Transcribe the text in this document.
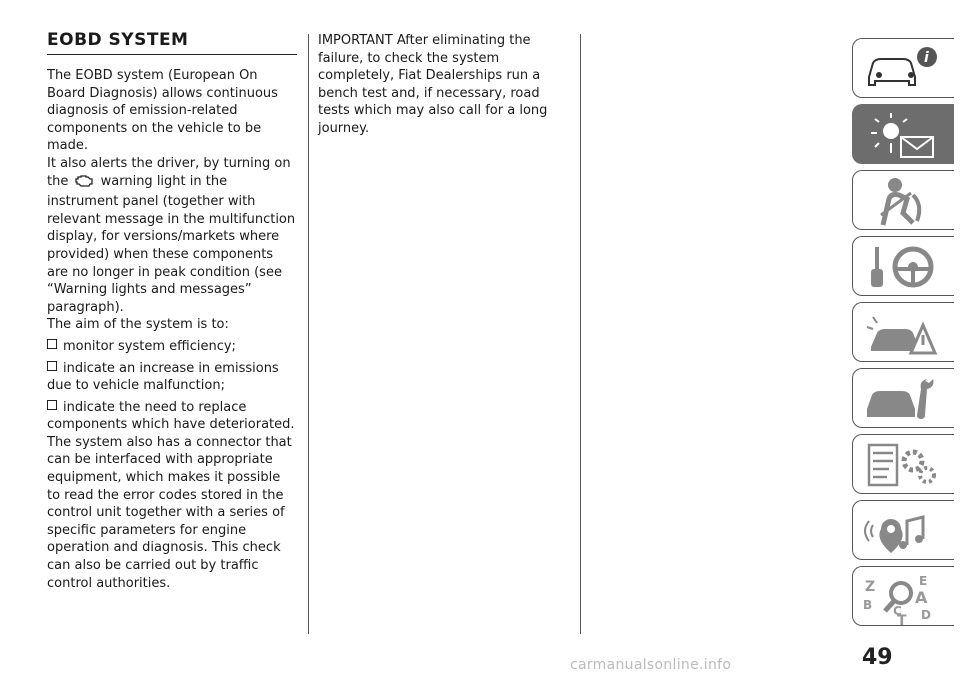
EOBD SYSTEM

The EOBD system (European On Board Diagnosis) allows continuous diagnosis of emission-related components on the vehicle to be made.

It also alerts the driver, by turning on the warning light in the instrument panel (together with relevant message in the multifunction display, for versions/markets where provided) when these components are no longer in peak condition (see “Warning lights and messages” paragraph).

The aim of the system is to:

monitor system efficiency;

indicate an increase in emissions due to vehicle malfunction;

indicate the need to replace components which have deteriorated.

The system also has a connector that can be interfaced with appropriate equipment, which makes it possible to read the error codes stored in the control unit together with a series of specific parameters for engine operation and diagnosis. This check can also be carried out by traffic control authorities.

IMPORTANT After eliminating the failure, to check the system completely, Fiat Dealerships run a bench test and, if necessary, road tests which may also call for a long journey.

i
Z	E
B	A
C D
T
49
carmanualsonline.info
